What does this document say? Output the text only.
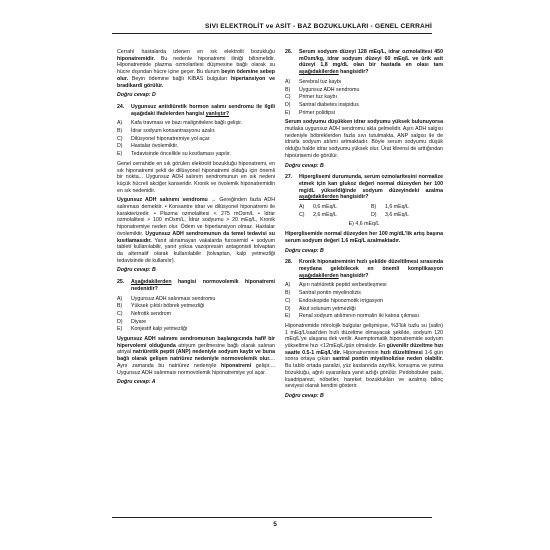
SIVI ELEKTROLİT ve ASİT - BAZ BOZUKLUKLARI - GENEL CERRAHİ

Cerrahi hastalarda izlenen en sık elektrolit bozukluğu hiponatremidir. Bu nedenle hiponatremi iliniği bilinmelidir. Hiponatremide plazma ozmolaritesi düşmesine bağlı olarak su hücre dışından hücre içine geçer. Bu durum beyin ödemine sebep olur. Beyin ödemine bağlı KİBAS bulguları hipertansiyon ve bradikardi görülür.

Doğru cevap: D
24.	Uygunsuz antidiüretik hormon salımı sendromu ile ilgili aşağıdaki ifadelerden hangisi yanlıştır?
A)	Kafa travması ve bazı malignitelere bağlı gelişir.
B)	İdrar sodyum konsantrasyonu azalır.
C)	Dilüsyonel hiponatremiye yol açar
D)	Hastalar övolemiktir.
E)	Tedavisinde öncelikle su kısıtlaması yapılır.

Genel cerrahide en sık görülen elektrolit bozukluğu hiponatremi, en sık hiponatremi şekli de dilüsyonel hiponatremi olduğu için önemli bir nokta... Uygunsuz ADH salınım sendromunun en sık nedeni küçük hücreli akciğer kanseridir. Kronik ve övolemik hiponatremidin en sık nedenidir.

Uygunsuz ADH salınımı sendromu → Gereğinden fazla ADH salınması demektir. • Konsantre idrar ve dilüsyonel hiponatremi ile karakterizedir. • Plazma ozmolalitesi < 275 mOsm/L • İdrar ozmolalitesi > 100 mOsm/L, İdrar sodyumu > 20 mEq/L, Kronik hiponatremiye neden olur. Ödem ve hipertansiyon olmaz. Hastalar övolemiktir. Uygunsuz ADH sendromunun da temel tedavisi su kısıtlamasıdır. Yanıt alınamayan vakalarda furosemid + sodyum tableti kullanılabilir, yanıt yoksa vazopressin antagonisti tolvaptan da alternatif olarak kullanılabilir (tolvaptan, kalp yetmezliği tedavisinde de kullanılır).

Doğru cevap: B
25.	Aşağıdakilerden hangisi normovolemik hiponatremi nedenidir?
A)	Uygunsuz ADH salınması sendromu
B)	Yüksek çıktılı böbrek yetmezliği
C)	Nefrotik sendrom
D)	Diyare
E)	Konjestif kalp yetmezliği

Uygunsuz ADH salınımı sendromunun başlangıcında hafif bir hipervolemi olduğunda atriyum gerilmesine bağlı olarak salınan atriyal natriüretik peptit (ANP) nedeniyle sodyum kaybı ve buna bağlı olarak gelişen natriürez nedeniyle normovolemik olur.... Aynı zamanda bu natriürez nedeniyle hiponatremi gelişir.... Uygunsuz ADH salınması normovolemik hiponatremiye yol açar.

Doğru cevap: A
26.	Serum sodyum düzeyi 128 mEq/L, idrar ozmolalitesi 450 mOsm/kg, idrar sodyum düzeyi 60 mEq/L ve ürik asit düzeyi 1,8 mg/dL olan bir hastada en olası tanı aşağıdakilerden hangisidir?
A)	Serebral tuz kaybı
B)	Uygunsuz ADH sendromu
C)	Primer tuz kaybı
D)	Santral diabetes insipidus
E)	Primer polidipsi

Serum sodyumu düşükken idrar sodyumu yüksek bulunuyorsa mutlaka uygunsuz ADH sendromu akla gelmelidir. Aşırı ADH salgısı nedeniyle böbreklerden fazla sıvı tutulmakta, ANP salgısı ile de idrarla sodyum atılımı artmaktadır. Böyle serum sodyumu düşük olduğu halde idrar sodyumu yüksek olur. Ürat klirensi de arttığından hipoürisemi de görülür.

Doğru cevap: B
27.	Hiperglisemi durumunda, serum ozmolaritesini normalize etmek için kan glukoz değeri normal düzeyden her 100 mg/dL yükseldiğinde sodyum düzeyindeki azalma aşağıdakilerden hangisidir?
A)	0,6 mEq/L	B)	1,6 mEq/L
C)	2,6 mEq/L	D)	3,6 mEq/L
E) 4,6 mEq/L

Hiperglisemide normal düzeyden her 100 mg/dL'lik artış başına serum sodyum değeri 1.6 mEq/L azalmaktadır.

Doğru cevap: B
28.	Kronik hiponatreminin hızlı şekilde düzeltilmesi sırasında meydana gelebilecek en önemli komplikasyon aşağıdakilerden hangisidir?
A)	Aşırı natriüretik peptid serbestleşmesi
B)	Santral pontin miyelinolizis
C)	Endoskopide hipoozmotik irrigasyon
D)	Akut solunum yetmezliği
E)	Renal sodyum atılımının normalin iki katına çıkması

Hiponatremide nörolojik bulgular gelişmişse, %3'lük tuzlu su (salin) 1 mEq/L/saat'den hızlı düzeltme olmayacak şekilde, sodyum 120 mEq/L'ye ulaşana dek verilir. Asemptomatik hiponatremide sodyum yükseltme hızı <12mEq/L/gün olmalıdır. En güvenilir düzeltme hızı saatte 0.5-1 mEq/L'dir. Hiponatreminin hızlı düzeltilmesi 1-6 gün sonra ortaya çıkan santral pontin miyelinolizise neden olabilir. Bu tablo ortada paralizi, yüz kaslarında zayıflık, konuşma ve yutma bozukluğu, ağrılı uyaranlara yanıt azlığı görülür. Pedobobuler palsi, kuadriparezi, nöbetler, hareket bozuklukları ve azalmış bilinç seviyesi olarak kendini gösterir.

Doğru cevap: B
5
